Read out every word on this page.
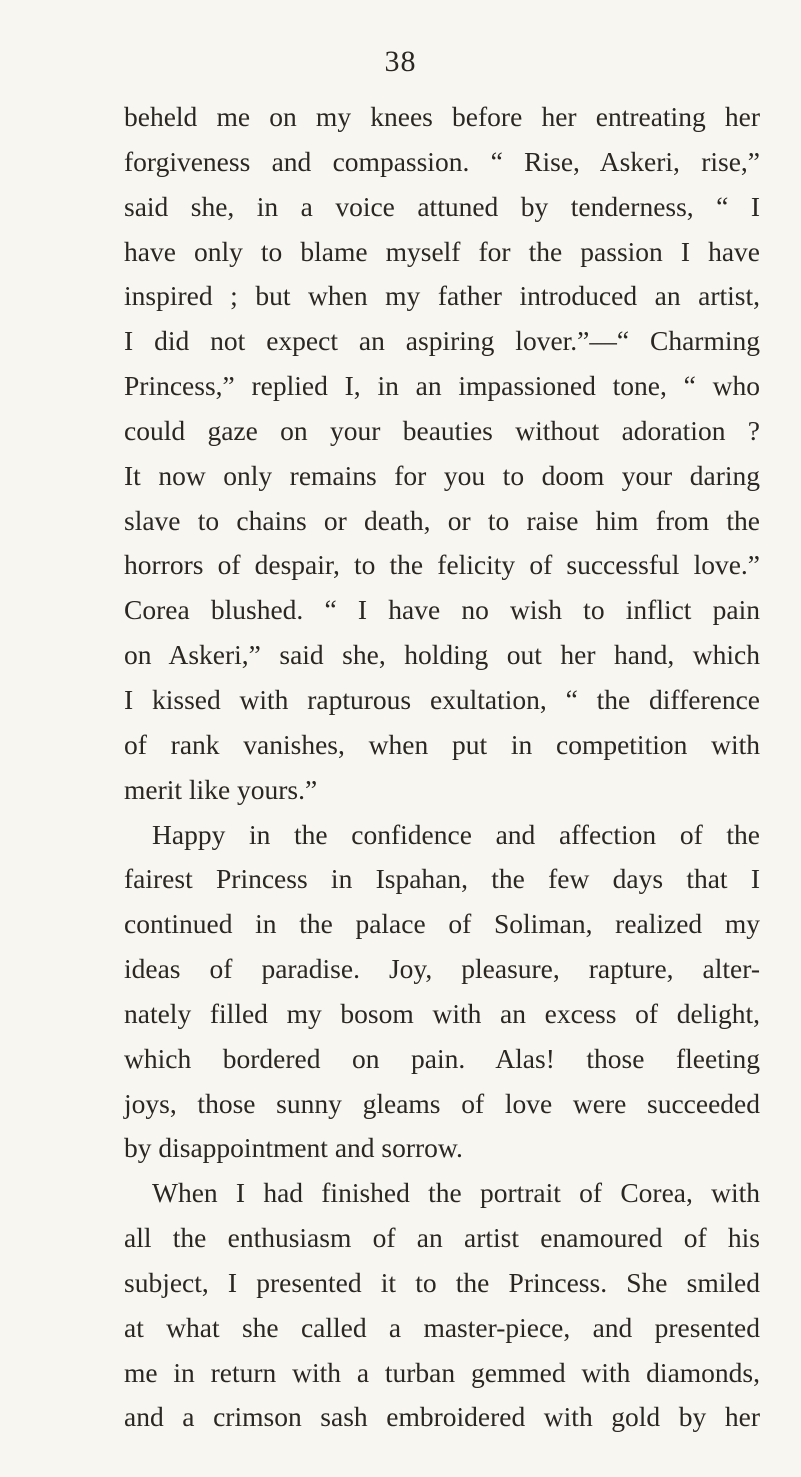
38
beheld me on my knees before her entreating her
forgiveness and compassion. “ Rise, Askeri, rise,”
said she, in a voice attuned by tenderness, “ I
have only to blame myself for the passion I have
inspired ; but when my father introduced an artist,
I did not expect an aspiring lover.”—“ Charming
Princess,” replied I, in an impassioned tone, “ who
could gaze on your beauties without adoration ?
It now only remains for you to doom your daring
slave to chains or death, or to raise him from the
horrors of despair, to the felicity of successful love.”
Corea blushed. “ I have no wish to inflict pain
on Askeri,” said she, holding out her hand, which
I kissed with rapturous exultation, “ the difference
of rank vanishes, when put in competition with
merit like yours.”
Happy in the confidence and affection of the
fairest Princess in Ispahan, the few days that I
continued in the palace of Soliman, realized my
ideas of paradise. Joy, pleasure, rapture, alter-
nately filled my bosom with an excess of delight,
which bordered on pain. Alas! those fleeting
joys, those sunny gleams of love were succeeded
by disappointment and sorrow.
When I had finished the portrait of Corea, with
all the enthusiasm of an artist enamoured of his
subject, I presented it to the Princess. She smiled
at what she called a master-piece, and presented
me in return with a turban gemmed with diamonds,
and a crimson sash embroidered with gold by her
